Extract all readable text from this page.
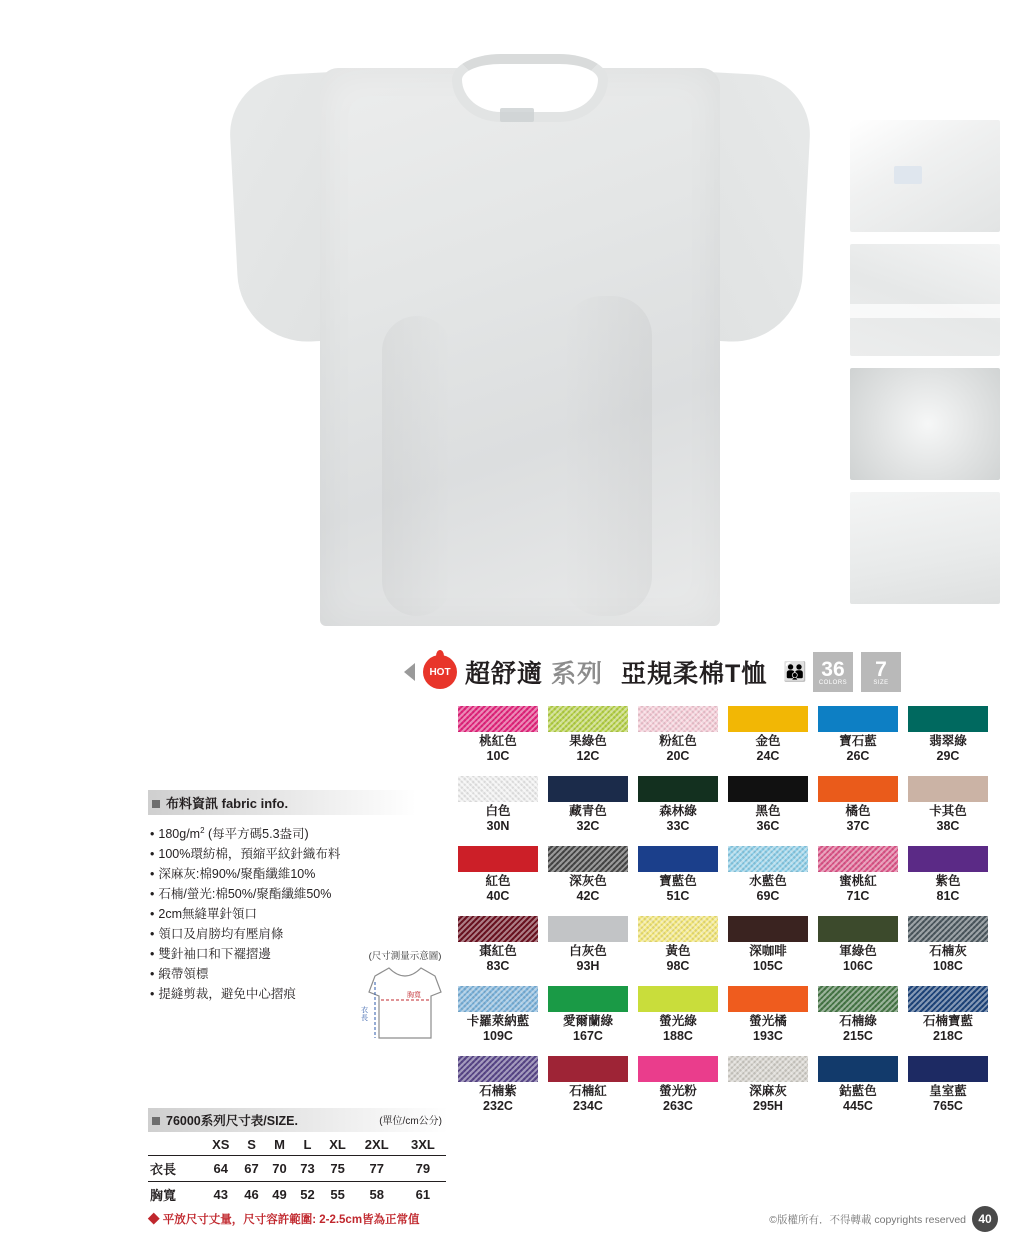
HOT 超舒適 系列 亞規柔棉T恤 👪 36
COLORS
7
SIZE
布料資訊 fabric info.
• $180g/m^2$ (每平方碼5.3盎司)
• 100%環紡棉，預縮平紋針織布料
• 深麻灰:棉90%/聚酯纖維10%
• 石楠/螢光:棉50%/聚酯纖維50%
• 2cm無縫單針領口
• 領口及肩膀均有壓肩條
• 雙針袖口和下襬摺邊
• 緞帶領標
• 提縫剪裁，避免中心摺痕
(尺寸測量示意圖)
胸寬
衣
長
76000系列尺寸表/SIZE.	(單位/cm公分)
	XS	S	M	L	XL	2XL	3XL
衣長	64	67	70	73	75	77	79
胸寬	43	46	49	52	55	58	61
◆ 平放尺寸丈量，尺寸容許範圍: 2-2.5cm皆為正常值
桃紅色
10C
果綠色
12C
粉紅色
20C
金色
24C
寶石藍
26C
翡翠綠
29C
白色
30N
藏青色
32C
森林綠
33C
黑色
36C
橘色
37C
卡其色
38C
紅色
40C
深灰色
42C
寶藍色
51C
水藍色
69C
蜜桃紅
71C
紫色
81C
棗紅色
83C
白灰色
93H
黃色
98C
深咖啡
105C
軍綠色
106C
石楠灰
108C
卡羅萊納藍
109C
愛爾蘭綠
167C
螢光綠
188C
螢光橘
193C
石楠綠
215C
石楠寶藍
218C
石楠紫
232C
石楠紅
234C
螢光粉
263C
深麻灰
295H
鈷藍色
445C
皇室藍
765C
©版權所有．不得轉載 copyrights reserved	40
